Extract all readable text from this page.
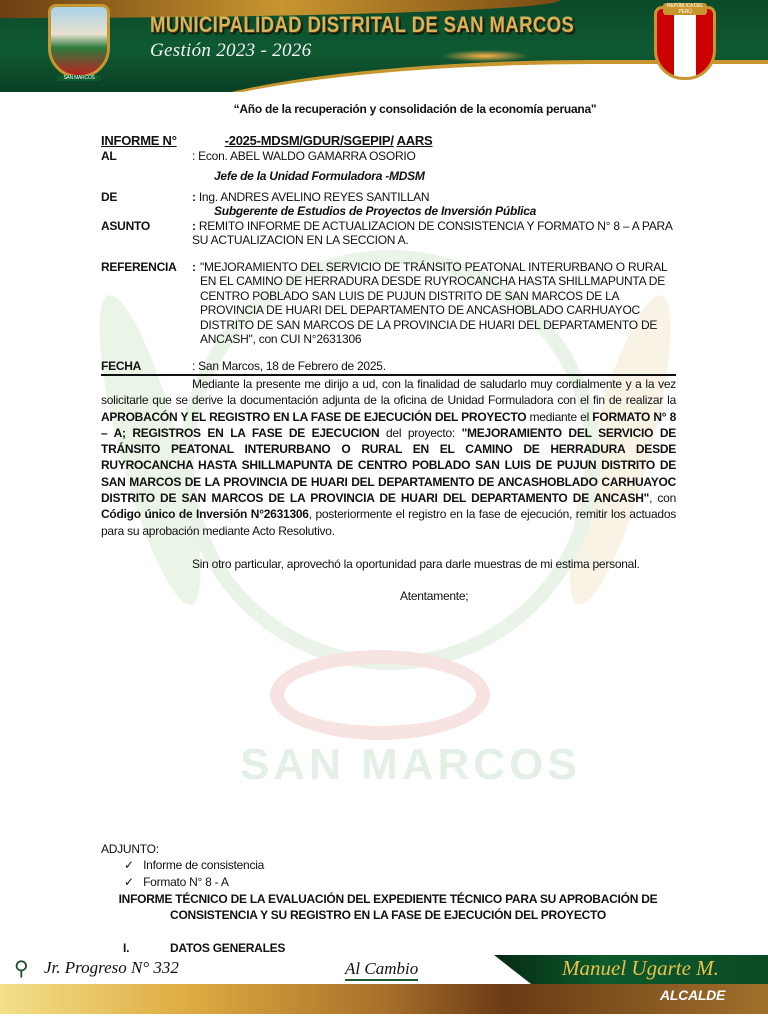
SAN MARCOS
MUNICIPALIDAD DISTRITAL DE SAN MARCOS
Gestión 2023 - 2026
REPÚBLICA DEL PERÚ
SAN MARCOS
“Año de la recuperación y consolidación de la economía peruana"
INFORME N°	-2025-MDSM/GDUR/SGEPIP/ AARS
AL	: Econ. ABEL WALDO GAMARRA OSORIO
Jefe de la Unidad Formuladora -MDSM
DE	: Ing. ANDRES AVELINO REYES SANTILLAN
Subgerente de Estudios de Proyectos de Inversión Pública
ASUNTO	: REMITO INFORME DE ACTUALIZACION DE CONSISTENCIA Y FORMATO N° 8 – A PARA SU ACTUALIZACION EN LA SECCION A.
REFERENCIA	: "MEJORAMIENTO DEL SERVICIO DE TRÁNSITO PEATONAL INTERURBANO O RURAL EN EL CAMINO DE HERRADURA DESDE RUYROCANCHA HASTA SHILLMAPUNTA DE CENTRO POBLADO SAN LUIS DE PUJUN DISTRITO DE SAN MARCOS DE LA PROVINCIA DE HUARI DEL DEPARTAMENTO DE ANCASHOBLADO CARHUAYOC DISTRITO DE SAN MARCOS DE LA PROVINCIA DE HUARI DEL DEPARTAMENTO DE ANCASH", con CUI N°2631306
FECHA	: San Marcos, 18 de Febrero de 2025.
Mediante la presente me dirijo a ud, con la finalidad de saludarlo muy cordialmente y a la vez solicitarle que se derive la documentación adjunta de la oficina de Unidad Formuladora con el fin de realizar la APROBACÓN Y EL REGISTRO EN LA FASE DE EJECUCIÓN DEL PROYECTO mediante el FORMATO N° 8 – A; REGISTROS EN LA FASE DE EJECUCION del proyecto: "MEJORAMIENTO DEL SERVICIO DE TRÁNSITO PEATONAL INTERURBANO O RURAL EN EL CAMINO DE HERRADURA DESDE RUYROCANCHA HASTA SHILLMAPUNTA DE CENTRO POBLADO SAN LUIS DE PUJUN DISTRITO DE SAN MARCOS DE LA PROVINCIA DE HUARI DEL DEPARTAMENTO DE ANCASHOBLADO CARHUAYOC DISTRITO DE SAN MARCOS DE LA PROVINCIA DE HUARI DEL DEPARTAMENTO DE ANCASH", con Código único de Inversión N°2631306, posteriormente el registro en la fase de ejecución, remitir los actuados para su aprobación mediante Acto Resolutivo.
Sin otro particular, aprovechó la oportunidad para darle muestras de mi estima personal.
Atentamente;
ADJUNTO:
✓ Informe de consistencia
✓ Formato N° 8 - A
INFORME TÉCNICO DE LA EVALUACIÓN DEL EXPEDIENTE TÉCNICO PARA SU APROBACIÓN DE CONSISTENCIA Y SU REGISTRO EN LA FASE DE EJECUCIÓN DEL PROYECTO
I.	DATOS GENERALES
⚲ Jr. Progreso N° 332	Al Cambio	Manuel Ugarte M.
ALCALDE
